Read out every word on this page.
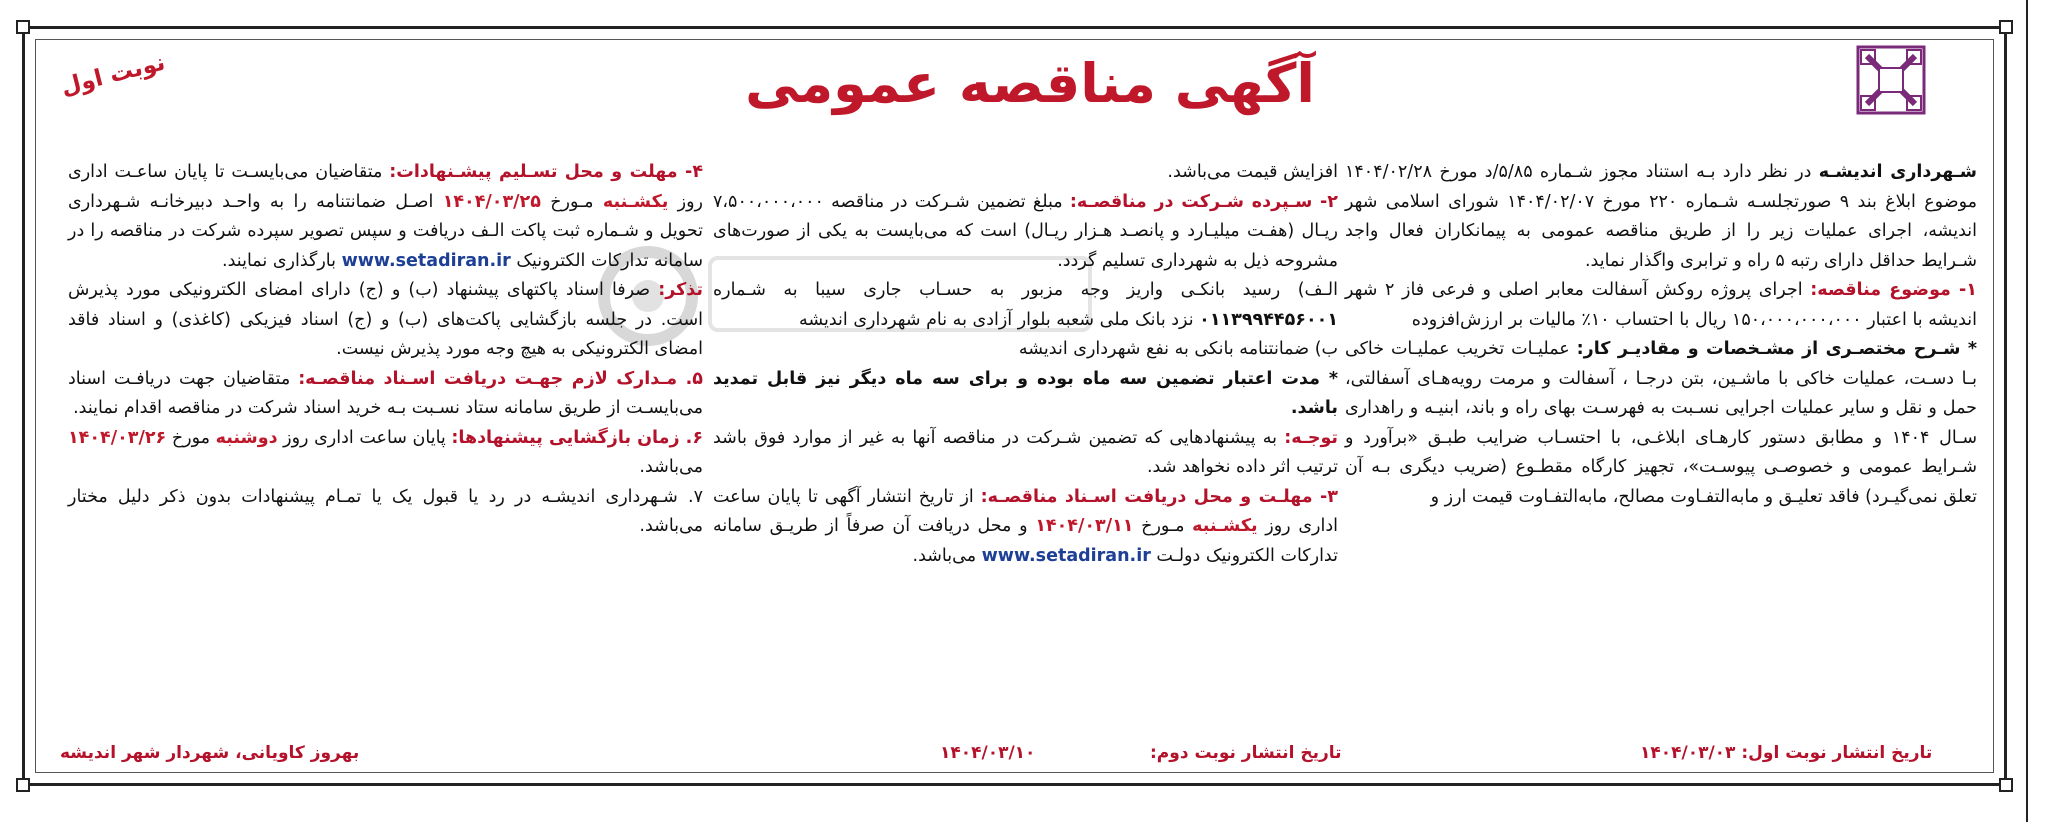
نوبت اول	آگهی مناقصه عمومی

شـهرداری اندیشـه در نظر دارد بـه استناد مجوز شـماره ۵/۸۵/د مورخ ۱۴۰۴/۰۲/۲۸ موضوع ابلاغ بند ۹ صورتجلسـه شـماره ۲۲۰ مورخ ۱۴۰۴/۰۲/۰۷ شورای اسلامی شهر اندیشه، اجرای عملیات زیر را از طریق مناقصه عمومی به پیمانکاران فعال واجد شـرایط حداقل دارای رتبه ۵ راه و ترابری واگذار نماید.

۱- موضوع مناقصه: اجرای پروژه روکش آسفالت معابر اصلی و فرعی فاز ۲ شهر اندیشه با اعتبار ۱۵۰،۰۰۰،۰۰۰،۰۰۰ ریال با احتساب ۱۰٪ مالیات بر ارزش‌افزوده

* شـرح مختصـری از مشـخصات و مقادیـر کار: عملیـات تخریب عملیـات خاکی بـا دسـت، عملیات خاکی با ماشـین، بتن درجـا ، آسفالت و مرمت رویه‌هـای آسفالتی، حمل و نقل و سایر عملیات اجرایی نسـبت به فهرسـت بهای راه و باند، ابنیـه و راهداری سـال ۱۴۰۴ و مطابق دستور کارهـای ابلاغـی، با احتسـاب ضرایب طبـق «برآورد و شـرایط عمومی و خصوصـی پیوسـت»، تجهیز کارگاه مقطـوع (ضریب دیگری بـه آن تعلق نمی‌گیـرد) فاقد تعلیـق و مابه‌التفـاوت مصالح، مابه‌التفـاوت قیمت ارز و

افزایش قیمت می‌باشد.

۲- سـپرده شـرکت در مناقصـه: مبلغ تضمین شـرکت در مناقصه ۷،۵۰۰،۰۰۰،۰۰۰ ریـال (هفـت میلیـارد و پانصـد هـزار ریـال) است که می‌بایست به یکی از صورت‌های مشروحه ذیل به شهرداری تسلیم گردد.

الـف) رسید بانکـی واریز وجه مزبور به حسـاب جاری سیبا به شـماره ۰۱۱۳۹۹۴۴۵۶۰۰۱ نزد بانک ملی شعبه بلوار آزادی به نام شهرداری اندیشه

ب) ضمانتنامه بانکی به نفع شهرداری اندیشه

* مدت اعتبار تضمین سه ماه بوده و برای سه ماه دیگر نیز قابل تمدید باشد.

توجـه: به پیشنهادهایی که تضمین شـرکت در مناقصه آنها به غیر از موارد فوق باشد ترتیب اثر داده نخواهد شد.

۳- مهلـت و محل دریافت اسـناد مناقصـه: از تاریخ انتشار آگهی تا پایان ساعت اداری روز یکشـنبه مـورخ ۱۴۰۴/۰۳/۱۱ و محل دریافت آن صرفاً از طریـق سامانه تدارکات الکترونیک دولـت www.setadiran.ir می‌باشد.

۴- مهلت و محل تسـلیم پیشـنهادات: متقاضیان می‌بایسـت تا پایان ساعـت اداری روز یکشـنبه مـورخ ۱۴۰۴/۰۳/۲۵ اصـل ضمانتنامه را به واحـد دبیرخانـه شـهرداری تحویل و شـماره ثبت پاکت الـف دریافت و سپس تصویر سپرده شرکت در مناقصه را در سامانه تدارکات الکترونیک www.setadiran.ir بارگذاری نمایند.

تذکر: صرفا اسناد پاکتهای پیشنهاد (ب) و (ج) دارای امضای الکترونیکی مورد پذیرش است. در جلسه بازگشایی پاکت‌های (ب) و (ج) اسناد فیزیکی (کاغذی) و اسناد فاقد امضای الکترونیکی به هیچ وجه مورد پذیرش نیست.

۵. مـدارک لازم جهـت دریافت اسـناد مناقصـه: متقاضیان جهت دریافـت اسناد می‌بایسـت از طریق سامانه ستاد نسـبت بـه خرید اسناد شرکت در مناقصه اقدام نمایند.

۶. زمان بازگشایی پیشنهادها: پایان ساعت اداری روز دوشنبه مورخ ۱۴۰۴/۰۳/۲۶ می‌باشد.

۷. شـهرداری اندیشـه در رد یا قبول یک یا تمـام پیشنهادات بدون ذکر دلیل مختار می‌باشد.

تاریخ انتشار نوبت اول: ۱۴۰۴/۰۳/۰۳
تاریخ انتشار نوبت دوم:
۱۴۰۴/۰۳/۱۰
بهروز کاویانی، شهردار شهر اندیشه
